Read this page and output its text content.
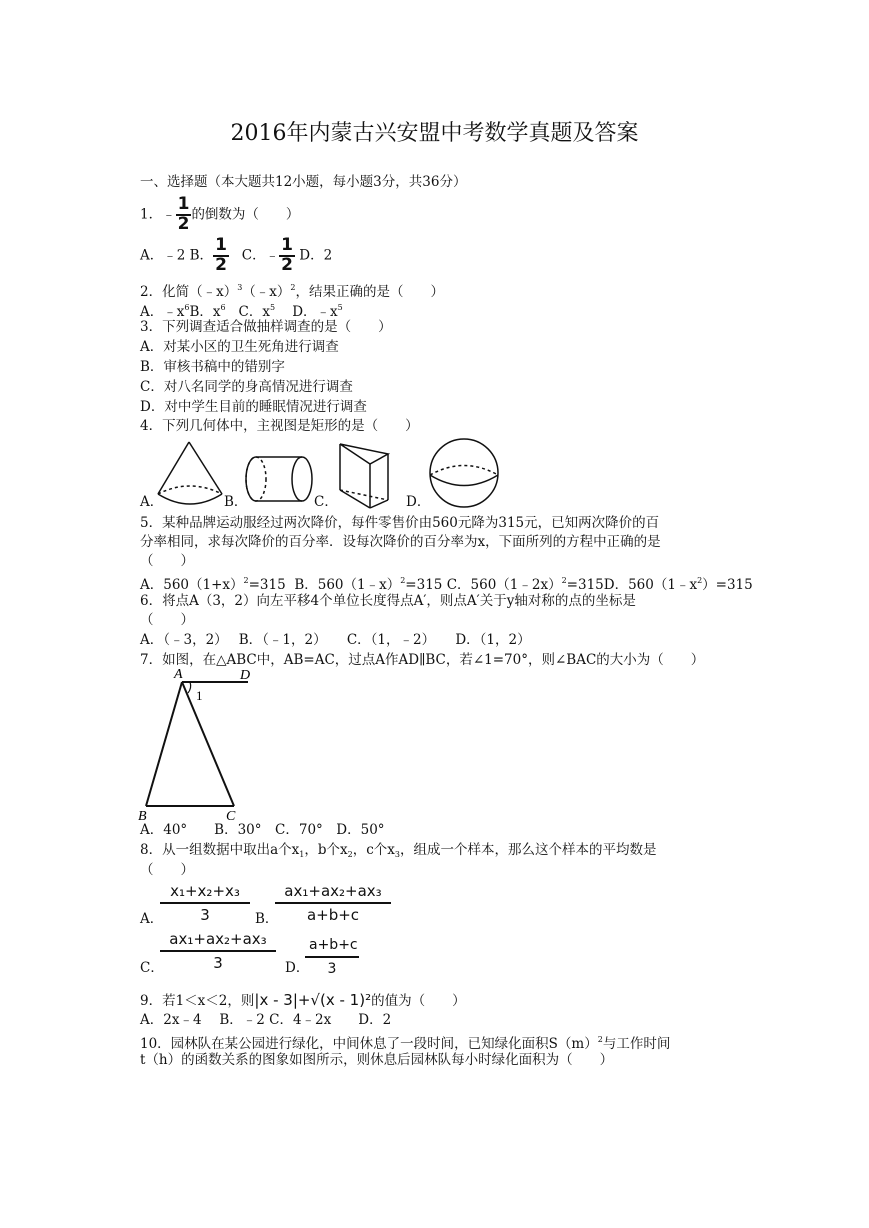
2016年内蒙古兴安盟中考数学真题及答案
一、选择题（本大题共12小题，每小题3分，共36分）
1．﹣ $\frac{1}{2}$ 的倒数为（　　）
A．﹣2 B． $\frac{1}{2}$ C．﹣ $\frac{1}{2}$ D．2
2．化简（﹣x）$^3$（﹣x）$^2$，结果正确的是（　　）
A．$﹣x^6B$．$x^6$ C．$x^5$ D．$﹣x^5$
3．下列调查适合做抽样调查的是（　　）
A．对某小区的卫生死角进行调查
B．审核书稿中的错别字
C．对八名同学的身高情况进行调查
D．对中学生目前的睡眠情况进行调查
4．下列几何体中，主视图是矩形的是（　　）
A．	B．	C．	D．
5．某种品牌运动服经过两次降价，每件零售价由560元降为315元，已知两次降价的百
分率相同，求每次降价的百分率．设每次降价的百分率为x，下面所列的方程中正确的是
（　　）
A．$560(1+x)^2=315$ B．560（1﹣x）$^2$=315 C．560（1﹣2x）$^2$=315D．$560(1﹣x^2)=315$
6．将点A（3，2）向左平移4个单位长度得点A′，则点A′关于y轴对称的点的坐标是
（　　）
A．（﹣3，2）　 B．（﹣1，2）　　C．（1，﹣2）　　D．（1，2）
7．如图，在△ABC中，AB=AC，过点A作AD∥BC，若∠1=70°，则∠BAC的大小为（　　）
A	D
1
B	C
A．40°　　B．30°　C．70°　D．50°
8．从一组数据中取出a个$x_1$，b个$x_2$，c个$x_3$，组成一个样本，那么这个样本的平均数是
（　　）
A．
$\frac{\text{x₁+x₂+x₃}}{3}$ B．
$\frac{\text{ax₁+ax₂+ax₃}}{a+b+c}$
C．
$\frac{\text{ax₁+ax₂+ax₃}}{3}$ D．
$\frac{a+b+c}{3}$
9．若1＜x＜2，则|x - 3|+√(x - 1)²的值为（　　）
A．2x﹣4　 B．﹣2 C．4﹣2x　　D．2
10．园林队在某公园进行绿化，中间休息了一段时间，已知绿化面积$S(m)^2$与工作时间
t（h）的函数关系的图象如图所示，则休息后园林队每小时绿化面积为（　　）
